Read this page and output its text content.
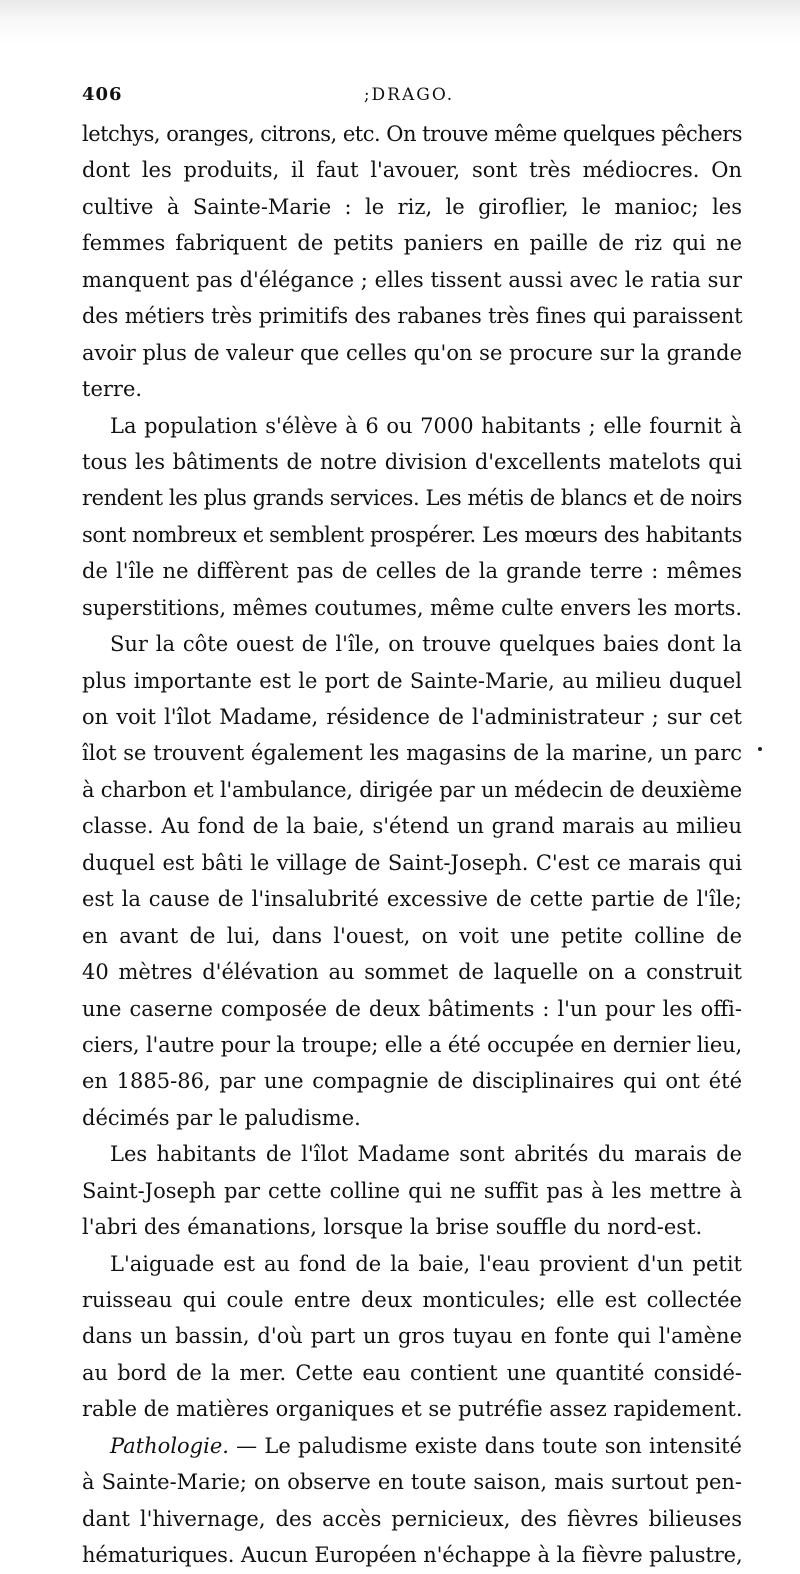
406	;DRAGO.
letchys, oranges, citrons, etc. On trouve même quelques pêchers
dont les produits, il faut l'avouer, sont très médiocres. On
cultive à Sainte-Marie : le riz, le giroflier, le manioc; les
femmes fabriquent de petits paniers en paille de riz qui ne
manquent pas d'élégance ; elles tissent aussi avec le ratia sur
des métiers très primitifs des rabanes très fines qui paraissent
avoir plus de valeur que celles qu'on se procure sur la grande
terre.
La population s'élève à 6 ou 7000 habitants ; elle fournit à
tous les bâtiments de notre division d'excellents matelots qui
rendent les plus grands services. Les métis de blancs et de noirs
sont nombreux et semblent prospérer. Les mœurs des habitants
de l'île ne diffèrent pas de celles de la grande terre : mêmes
superstitions, mêmes coutumes, même culte envers les morts.
Sur la côte ouest de l'île, on trouve quelques baies dont la
plus importante est le port de Sainte-Marie, au milieu duquel
on voit l'îlot Madame, résidence de l'administrateur ; sur cet
îlot se trouvent également les magasins de la marine, un parc
à charbon et l'ambulance, dirigée par un médecin de deuxième
classe. Au fond de la baie, s'étend un grand marais au milieu
duquel est bâti le village de Saint-Joseph. C'est ce marais qui
est la cause de l'insalubrité excessive de cette partie de l'île;
en avant de lui, dans l'ouest, on voit une petite colline de
40 mètres d'élévation au sommet de laquelle on a construit
une caserne composée de deux bâtiments : l'un pour les offi-
ciers, l'autre pour la troupe; elle a été occupée en dernier lieu,
en 1885-86, par une compagnie de disciplinaires qui ont été
décimés par le paludisme.
Les habitants de l'îlot Madame sont abrités du marais de
Saint-Joseph par cette colline qui ne suffit pas à les mettre à
l'abri des émanations, lorsque la brise souffle du nord-est.
L'aiguade est au fond de la baie, l'eau provient d'un petit
ruisseau qui coule entre deux monticules; elle est collectée
dans un bassin, d'où part un gros tuyau en fonte qui l'amène
au bord de la mer. Cette eau contient une quantité considé-
rable de matières organiques et se putréfie assez rapidement.
Pathologie. — Le paludisme existe dans toute son intensité
à Sainte-Marie; on observe en toute saison, mais surtout pen-
dant l'hivernage, des accès pernicieux, des fièvres bilieuses
hématuriques. Aucun Européen n'échappe à la fièvre palustre,
